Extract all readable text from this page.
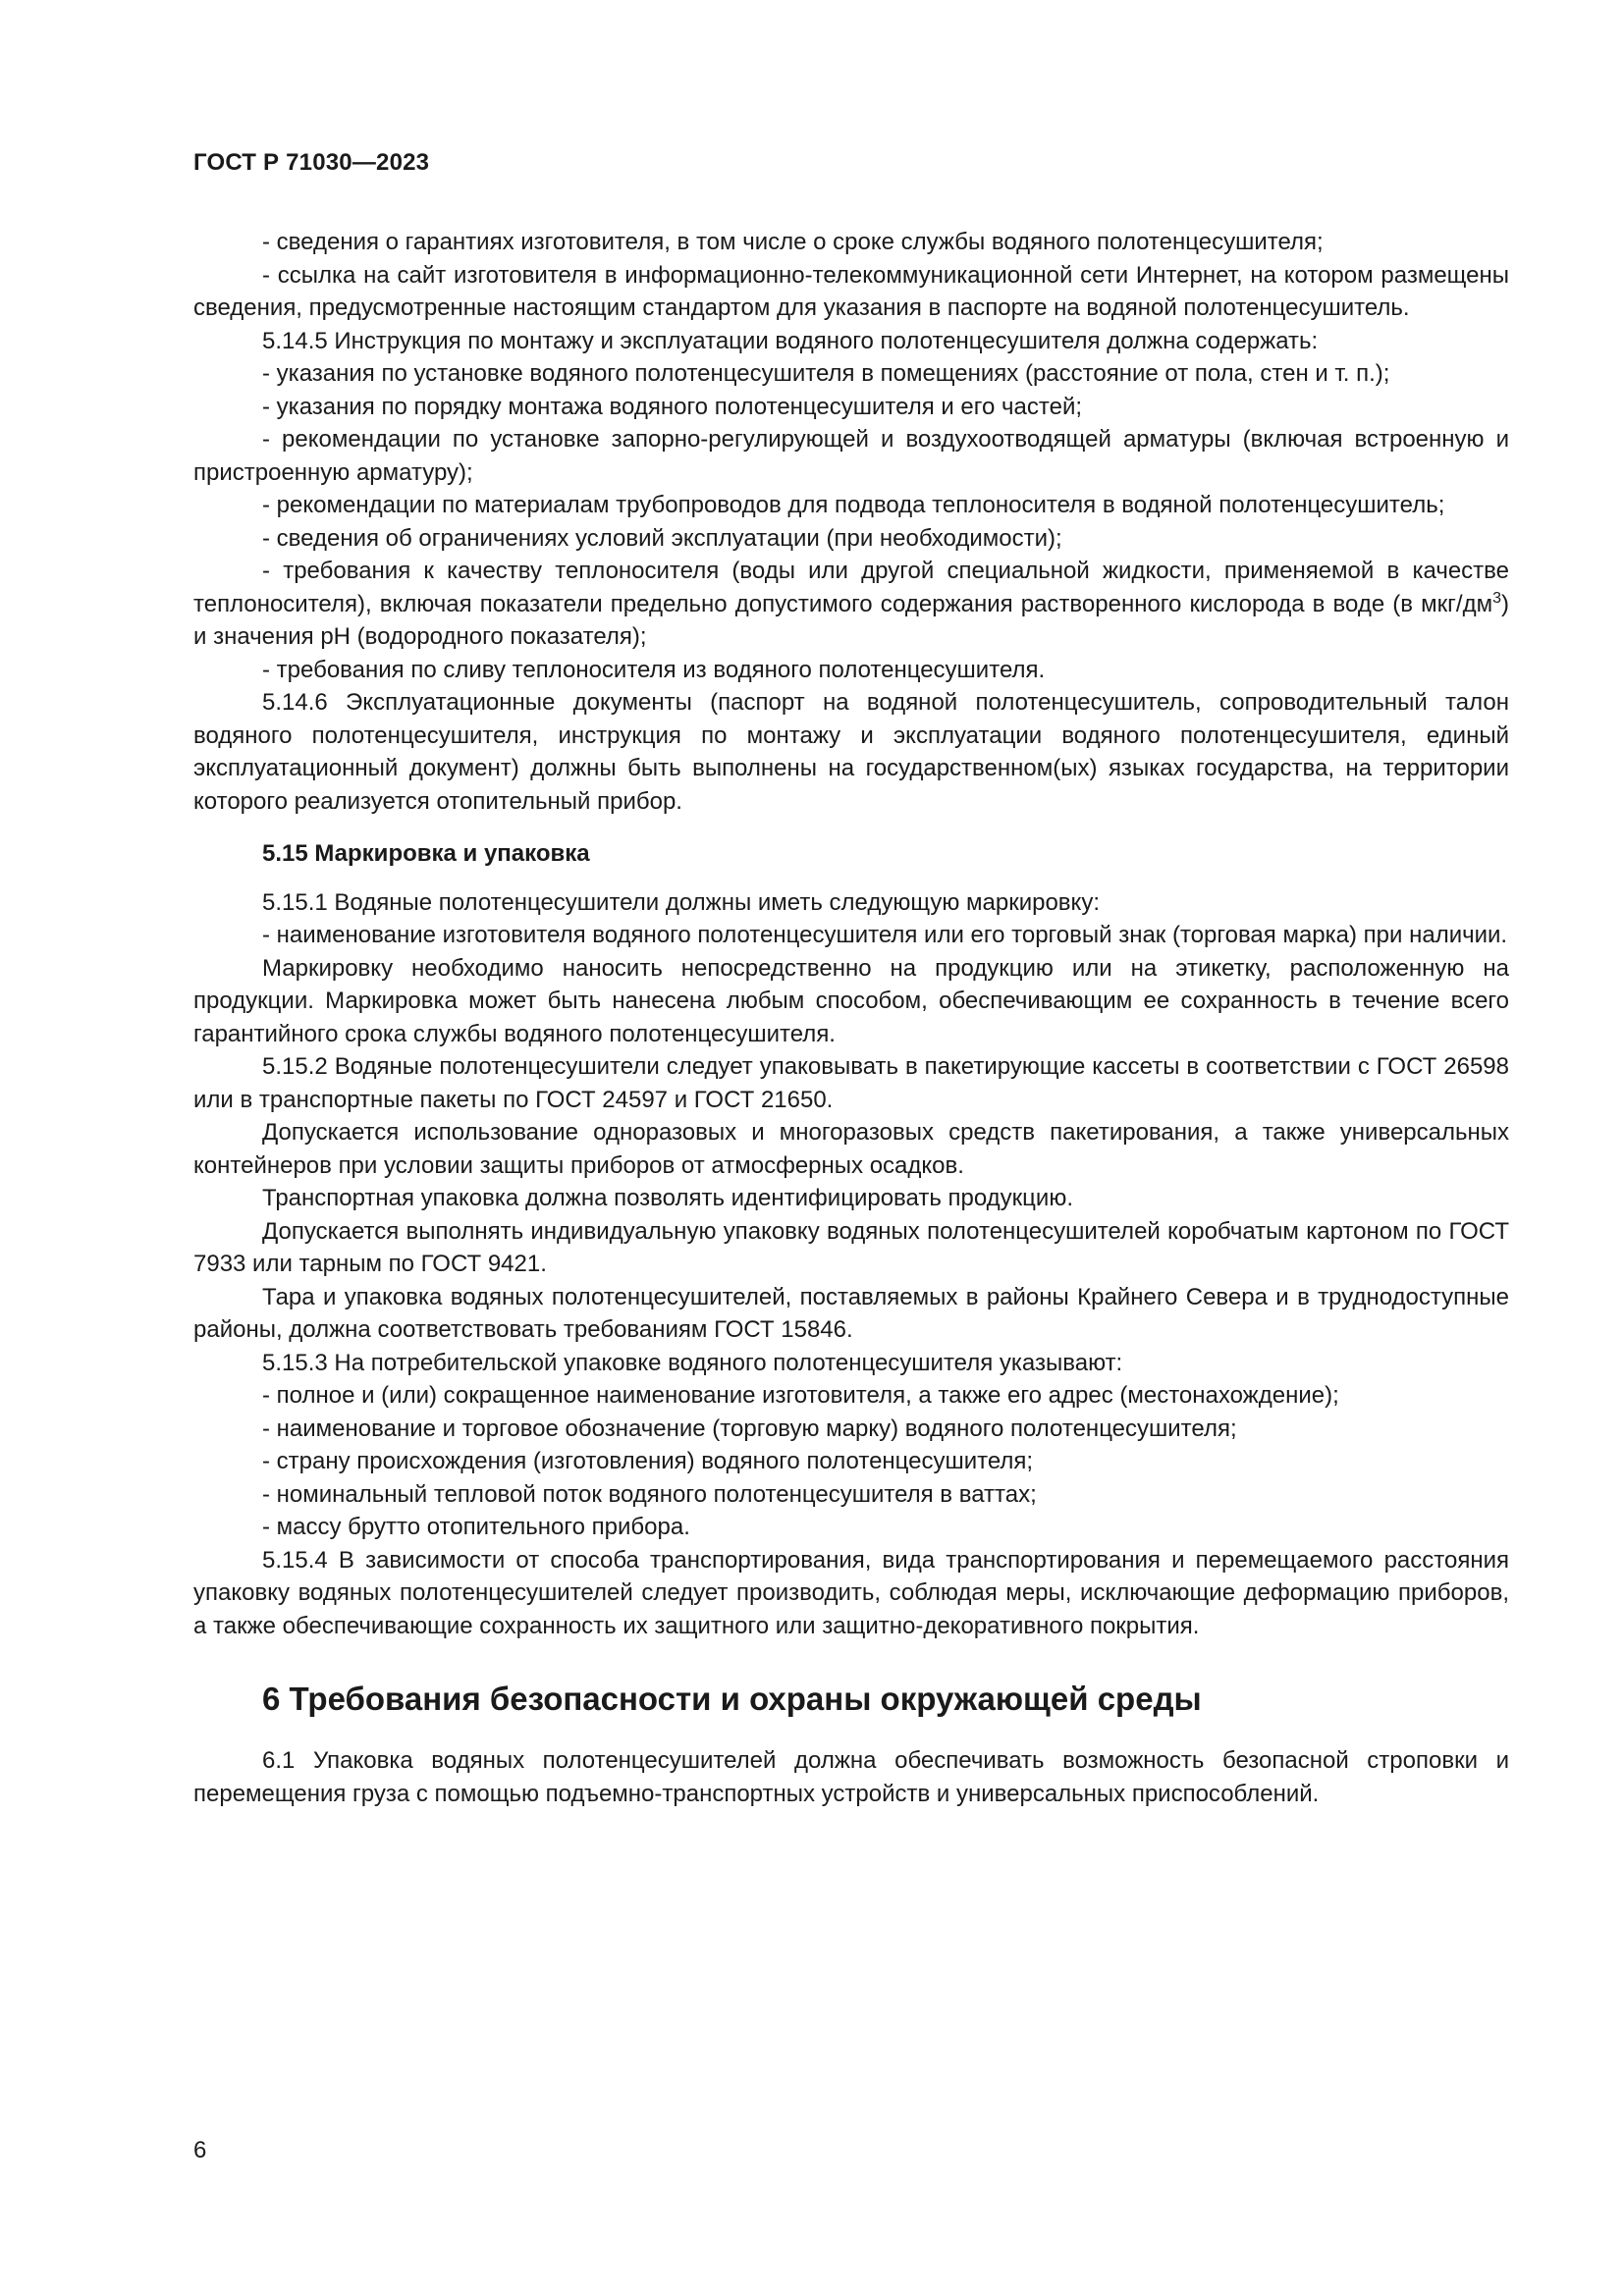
ГОСТ Р 71030—2023

- сведения о гарантиях изготовителя, в том числе о сроке службы водяного полотенцесушителя;

- ссылка на сайт изготовителя в информационно-телекоммуникационной сети Интернет, на котором размещены сведения, предусмотренные настоящим стандартом для указания в паспорте на водяной полотенцесушитель.

5.14.5 Инструкция по монтажу и эксплуатации водяного полотенцесушителя должна содержать:

- указания по установке водяного полотенцесушителя в помещениях (расстояние от пола, стен и т. п.);

- указания по порядку монтажа водяного полотенцесушителя и его частей;

- рекомендации по установке запорно-регулирующей и воздухоотводящей арматуры (включая встроенную и пристроенную арматуру);

- рекомендации по материалам трубопроводов для подвода теплоносителя в водяной полотенцесушитель;

- сведения об ограничениях условий эксплуатации (при необходимости);

- требования к качеству теплоносителя (воды или другой специальной жидкости, применяемой в качестве теплоносителя), включая показатели предельно допустимого содержания растворенного кислорода в воде (в мкг/$дм^3$) и значения рН (водородного показателя);

- требования по сливу теплоносителя из водяного полотенцесушителя.

5.14.6 Эксплуатационные документы (паспорт на водяной полотенцесушитель, сопроводительный талон водяного полотенцесушителя, инструкция по монтажу и эксплуатации водяного полотенцесушителя, единый эксплуатационный документ) должны быть выполнены на государственном(ых) языках государства, на территории которого реализуется отопительный прибор.

5.15 Маркировка и упаковка

5.15.1 Водяные полотенцесушители должны иметь следующую маркировку:

- наименование изготовителя водяного полотенцесушителя или его торговый знак (торговая марка) при наличии.

Маркировку необходимо наносить непосредственно на продукцию или на этикетку, расположенную на продукции. Маркировка может быть нанесена любым способом, обеспечивающим ее сохранность в течение всего гарантийного срока службы водяного полотенцесушителя.

5.15.2 Водяные полотенцесушители следует упаковывать в пакетирующие кассеты в соответствии с ГОСТ 26598 или в транспортные пакеты по ГОСТ 24597 и ГОСТ 21650.

Допускается использование одноразовых и многоразовых средств пакетирования, а также универсальных контейнеров при условии защиты приборов от атмосферных осадков.

Транспортная упаковка должна позволять идентифицировать продукцию.

Допускается выполнять индивидуальную упаковку водяных полотенцесушителей коробчатым картоном по ГОСТ 7933 или тарным по ГОСТ 9421.

Тара и упаковка водяных полотенцесушителей, поставляемых в районы Крайнего Севера и в труднодоступные районы, должна соответствовать требованиям ГОСТ 15846.

5.15.3 На потребительской упаковке водяного полотенцесушителя указывают:

- полное и (или) сокращенное наименование изготовителя, а также его адрес (местонахождение);

- наименование и торговое обозначение (торговую марку) водяного полотенцесушителя;

- страну происхождения (изготовления) водяного полотенцесушителя;

- номинальный тепловой поток водяного полотенцесушителя в ваттах;

- массу брутто отопительного прибора.

5.15.4 В зависимости от способа транспортирования, вида транспортирования и перемещаемого расстояния упаковку водяных полотенцесушителей следует производить, соблюдая меры, исключающие деформацию приборов, а также обеспечивающие сохранность их защитного или защитно-декоративного покрытия.

6 Требования безопасности и охраны окружающей среды

6.1 Упаковка водяных полотенцесушителей должна обеспечивать возможность безопасной строповки и перемещения груза с помощью подъемно-транспортных устройств и универсальных приспособлений.

6
